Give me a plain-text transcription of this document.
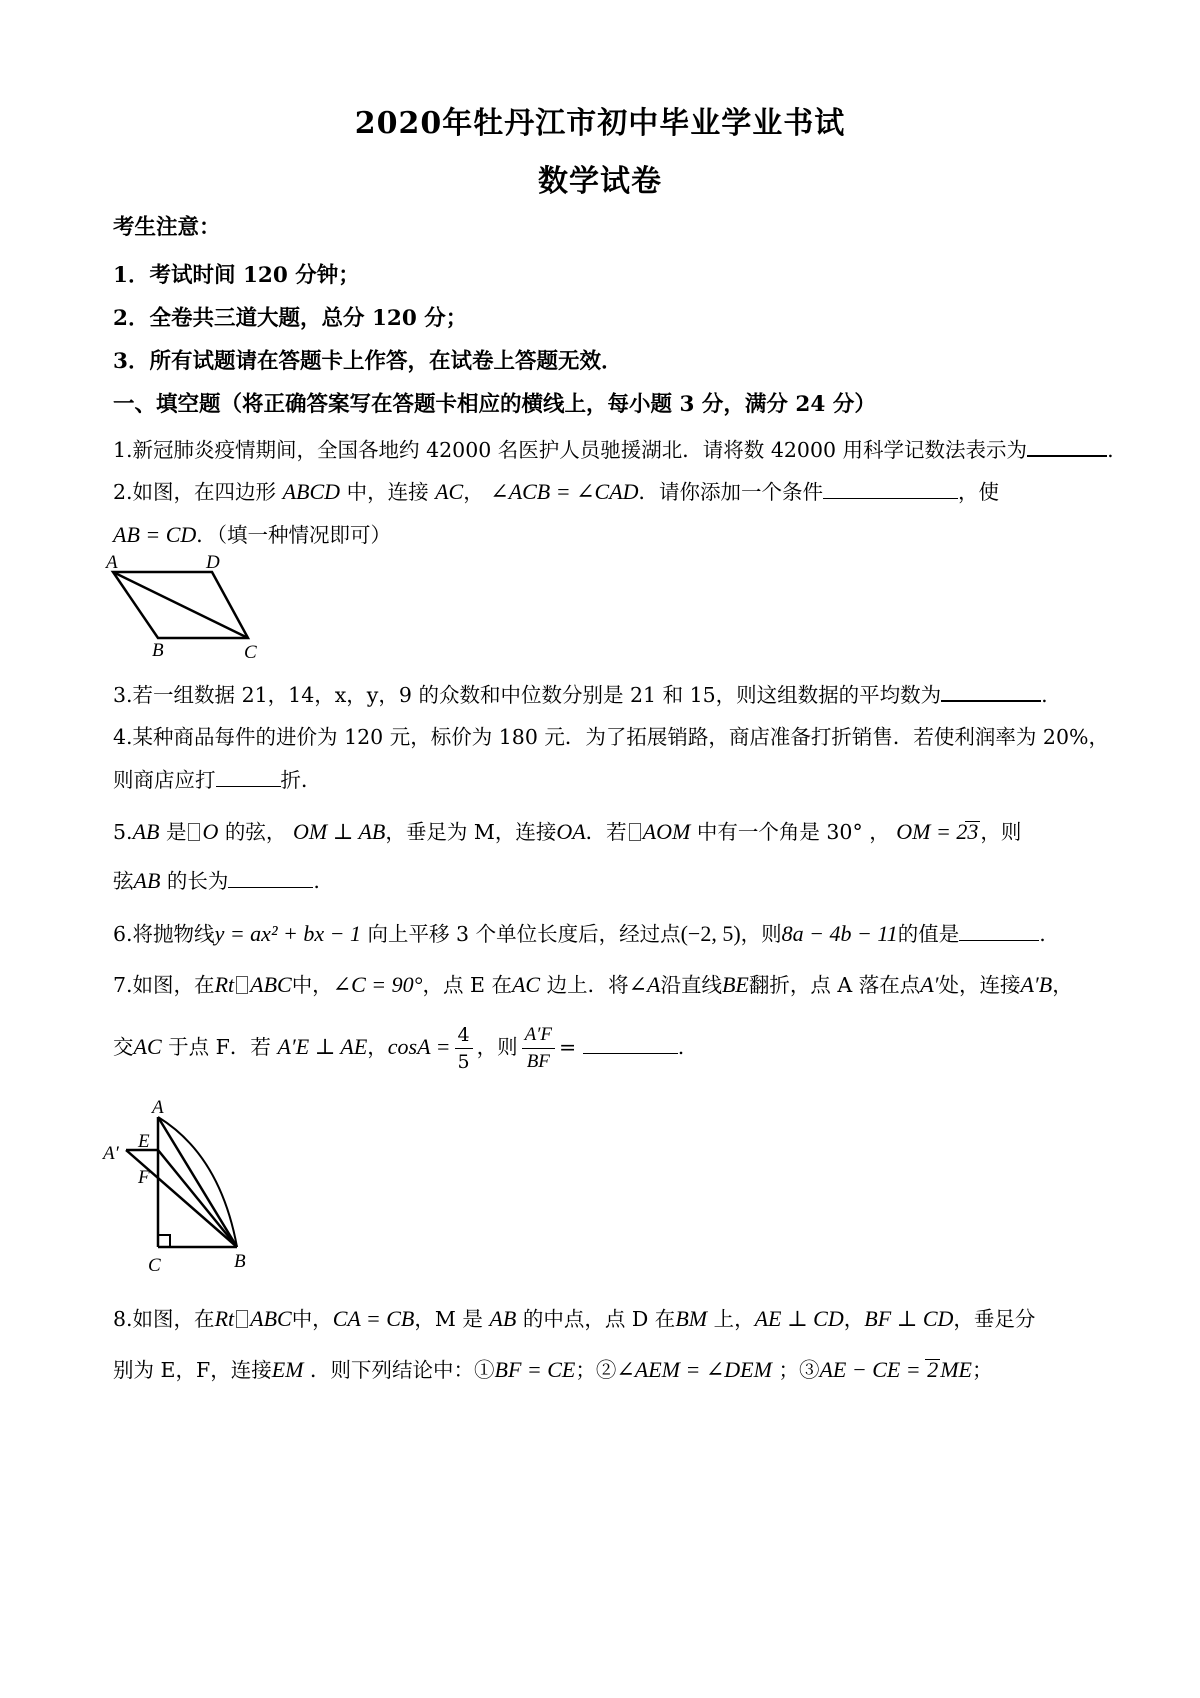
2020年牡丹江市初中毕业学业书试
数学试卷
考生注意：
1．考试时间 120 分钟；
2．全卷共三道大题，总分 120 分；
3．所有试题请在答题卡上作答，在试卷上答题无效．
一、填空题（将正确答案写在答题卡相应的横线上，每小题 3 分，满分 24 分）
1.新冠肺炎疫情期间，全国各地约 42000 名医护人员驰援湖北．请将数 42000 用科学记数法表示为	.
2.如图，在四边形 ABCD 中，连接 AC， ∠ACB = ∠CAD．请你添加一个条件	，使
AB = CD．（填一种情况即可）
A	D
B	C
3.若一组数据 21，14，x，y，9 的众数和中位数分别是 21 和 15，则这组数据的平均数为	.
4.某种商品每件的进价为 120 元，标价为 180 元．为了拓展销路，商店准备打折销售．若使利润率为 20%，
则商店应打	折．
5.AB 是 O 的弦， OM ⊥ AB，垂足为 M，连接OA．若 AOM 中有一个角是 30° ， OM = 23，则
弦AB 的长为	.
6.将抛物线y = ax² + bx − 1 向上平移 3 个单位长度后，经过点(−2, 5)，则8a − 4b − 11的值是	.
7.如图，在Rt ABC中，∠C = 90°，点 E 在AC 边上．将∠A沿直线BE翻折，点 A 落在点A′处，连接A′B，
交AC 于点 F．若 A′E ⊥ AE，$\cos A = \frac{4}{5}$ ，则 $\frac{A'F}{BF}$ =	.
A
E
A′
F
C	B
8.如图，在Rt ABC中，CA = CB，M 是 AB 的中点，点 D 在BM 上，AE ⊥ CD，BF ⊥ CD，垂足分
别为 E，F，连接EM ．则下列结论中：①BF = CE；②∠AEM = ∠DEM ；③AE − CE = 2ME；
